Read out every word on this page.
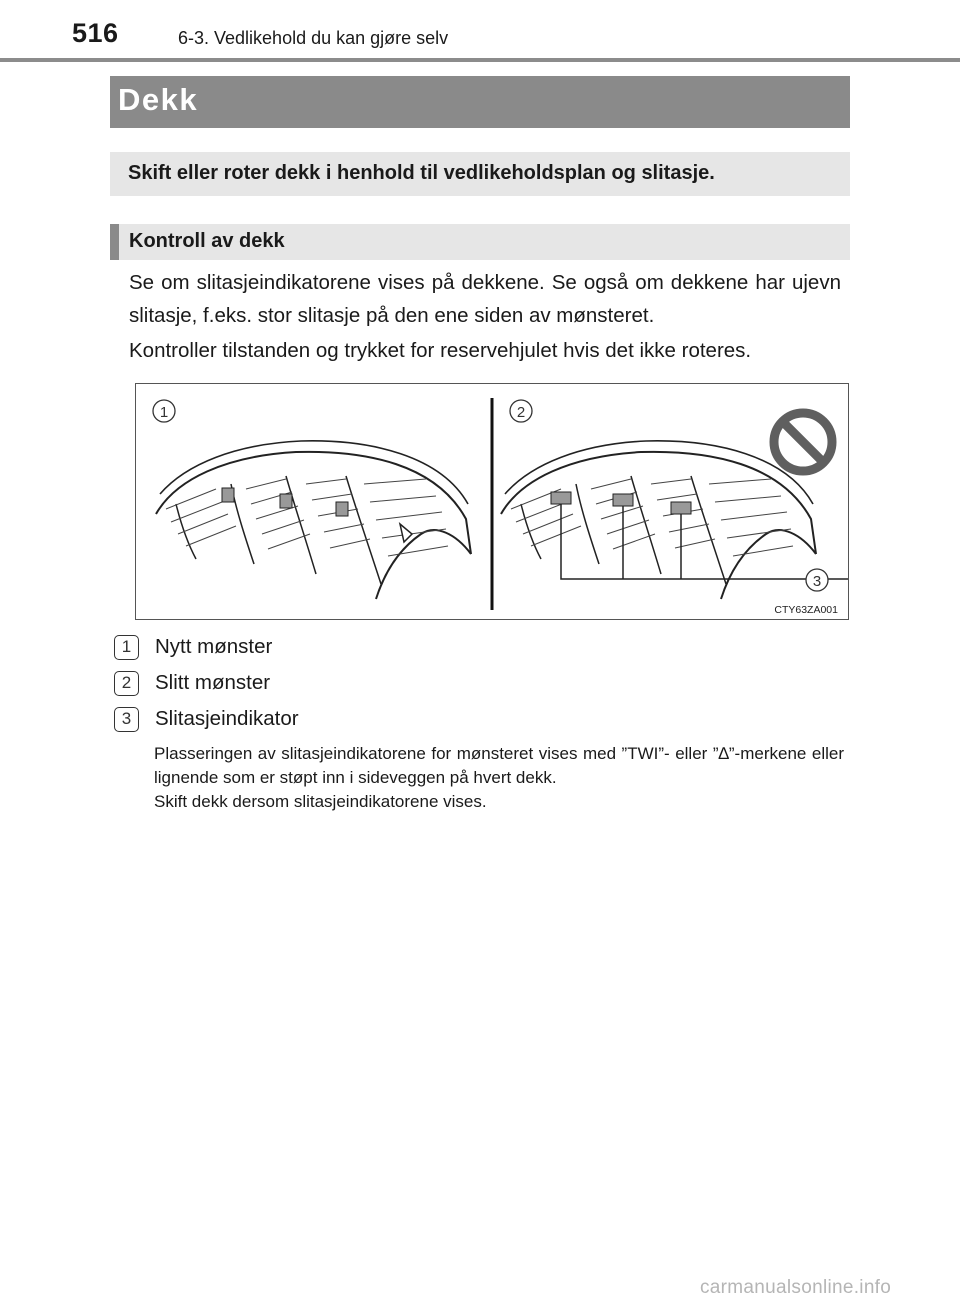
516	6-3. Vedlikehold du kan gjøre selv
Dekk
Skift eller roter dekk i henhold til vedlikeholdsplan og slitasje.
Kontroll av dekk
Se om slitasjeindikatorene vises på dekkene. Se også om dekkene har ujevn slitasje, f.eks. stor slitasje på den ene siden av mønsteret.
Kontroller tilstanden og trykket for reservehjulet hvis det ikke roteres.
1	2
3
CTY63ZA001
1	Nytt mønster
2	Slitt mønster
3	Slitasjeindikator
Plasseringen av slitasjeindikatorene for mønsteret vises med ”TWI”- eller ”∆”-merkene eller lignende som er støpt inn i sideveggen på hvert dekk.
Skift dekk dersom slitasjeindikatorene vises.
carmanualsonline.info
